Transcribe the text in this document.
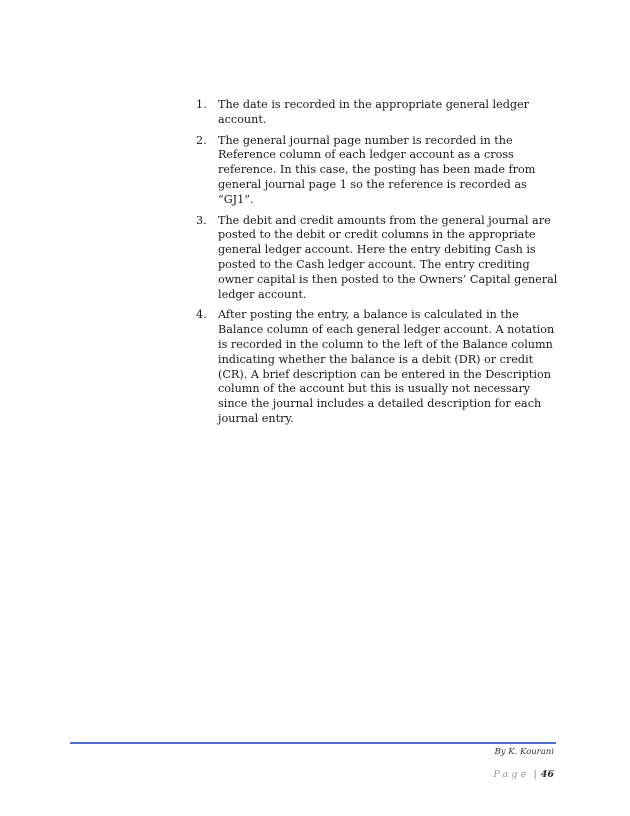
1.	The date is recorded in the appropriate general ledger account.
2.	The general journal page number is recorded in the Reference column of each ledger account as a cross reference. In this case, the posting has been made from general journal page 1 so the reference is recorded as “GJ1”.
3.	The debit and credit amounts from the general journal are posted to the debit or credit columns in the appropriate general ledger account. Here the entry debiting Cash is posted to the Cash ledger account. The entry crediting owner capital is then posted to the Owners’ Capital general ledger account.
4.	After posting the entry, a balance is calculated in the Balance column of each general ledger account. A notation is recorded in the column to the left of the Balance column indicating whether the balance is a debit (DR) or credit (CR). A brief description can be entered in the Description column of the account but this is usually not necessary since the journal includes a detailed description for each journal entry.
By K. Kourani
Page | 46
